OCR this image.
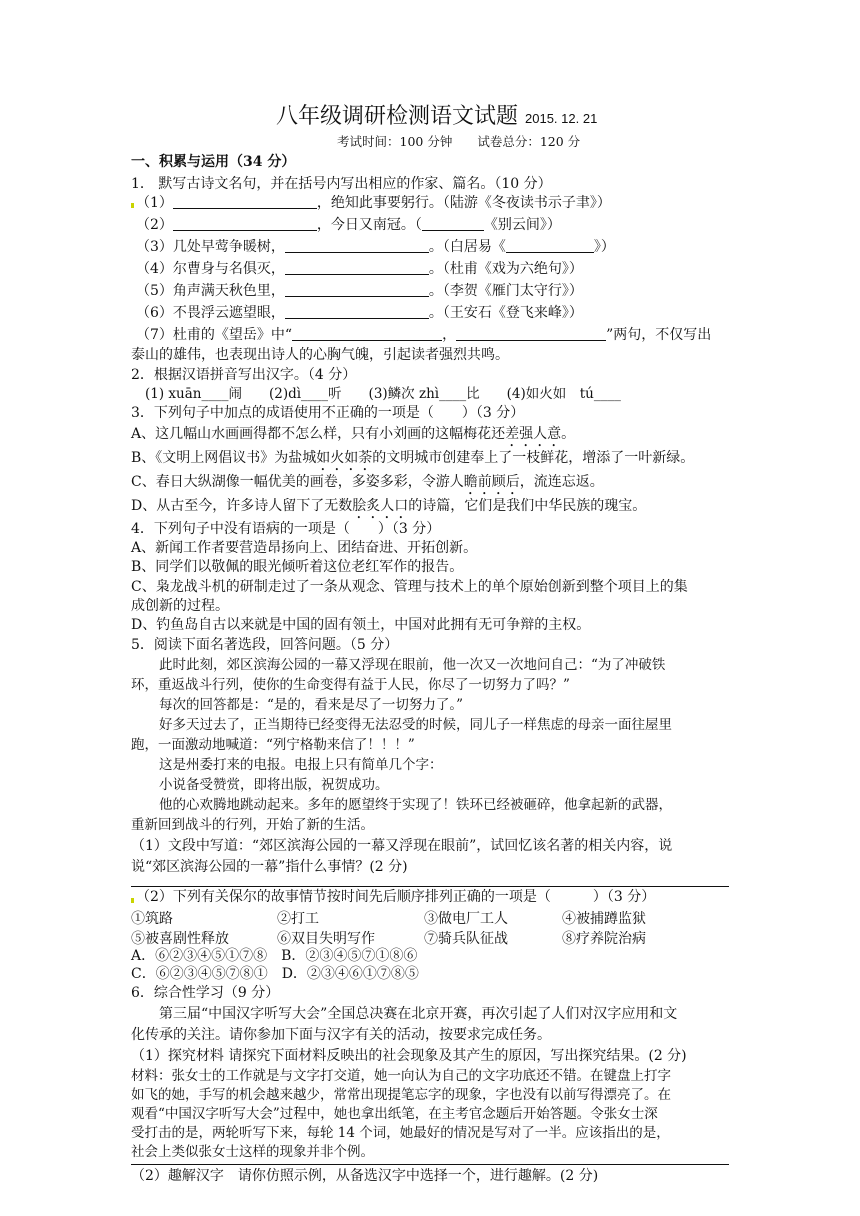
八年级调研检测语文试题 2015. 12. 21
考试时间：100 分钟　　试卷总分：120 分
一、积累与运用（34 分）
1． 默写古诗文名句，并在括号内写出相应的作家、篇名。（10 分）
（1）	，绝知此事要躬行。（陆游《冬夜读书示子聿》）
（2）	，今日又南冠。（	《别云间》）
（3）几处早莺争暖树，	。（白居易《	》）
（4）尔曹身与名俱灭，	。（杜甫《戏为六绝句》）
（5）角声满天秋色里，	。（李贺《雁门太守行》）
（6）不畏浮云遮望眼，	。（王安石《登飞来峰》）
（7）杜甫的《望岳》中“	，	”两句，不仅写出
泰山的雄伟，也表现出诗人的心胸气魄，引起读者强烈共鸣。
2．根据汉语拼音写出汉字。（4 分）
(1) xuān____闹　　(2)dì____听　　(3)鳞次 zhì____比　　(4)如火如　tú____
3．下列句子中加点的成语使用不正确的一项是（　　）（3 分）
A、这几幅山水画画得都不怎么样，只有小刘画的这幅梅花还差强人意。
B、《文明上网倡议书》为盐城如火如荼的文明城市创建奉上了一枝鲜花，增添了一叶新绿。
C、春日大纵湖像一幅优美的画卷，多姿多彩，令游人瞻前顾后，流连忘返。
D、从古至今，许多诗人留下了无数脍炙人口的诗篇，它们是我们中华民族的瑰宝。
4．下列句子中没有语病的一项是（　　）（3 分）
A、新闻工作者要营造昂扬向上、团结奋进、开拓创新。
B、同学们以敬佩的眼光倾听着这位老红军作的报告。
C、枭龙战斗机的研制走过了一条从观念、管理与技术上的单个原始创新到整个项目上的集
成创新的过程。
D、钓鱼岛自古以来就是中国的固有领土，中国对此拥有无可争辩的主权。
5．阅读下面名著选段，回答问题。（5 分）
此时此刻，郊区滨海公园的一幕又浮现在眼前，他一次又一次地问自己：“为了冲破铁
环，重返战斗行列，使你的生命变得有益于人民，你尽了一切努力了吗？”
每次的回答都是：“是的，看来是尽了一切努力了。”
好多天过去了，正当期待已经变得无法忍受的时候，同儿子一样焦虑的母亲一面往屋里
跑，一面激动地喊道：“列宁格勒来信了！！！”
这是州委打来的电报。电报上只有简单几个字：
小说备受赞赏，即将出版，祝贺成功。
他的心欢腾地跳动起来。多年的愿望终于实现了！铁环已经被砸碎，他拿起新的武器，
重新回到战斗的行列，开始了新的生活。
（1）文段中写道：“郊区滨海公园的一幕又浮现在眼前”，试回忆该名著的相关内容，说
说“郊区滨海公园的一幕”指什么事情？(2 分)
（2）下列有关保尔的故事情节按时间先后顺序排列正确的一项是（　　　）（3 分）
①筑路	②打工	③做电厂工人	④被捕蹲监狱
⑤被喜剧性释放	⑥双目失明写作	⑦骑兵队征战	⑧疗养院治病
A．⑥②③④⑤①⑦⑧　B．②③④⑤⑦①⑧⑥
C．⑥②③④⑤⑦⑧①　D．②③④⑥①⑦⑧⑤
6．综合性学习（9 分）
第三届“中国汉字听写大会”全国总决赛在北京开赛，再次引起了人们对汉字应用和文
化传承的关注。请你参加下面与汉字有关的活动，按要求完成任务。
（1）探究材料 请探究下面材料反映出的社会现象及其产生的原因，写出探究结果。(2 分)
材料：张女士的工作就是与文字打交道，她一向认为自己的文字功底还不错。在键盘上打字
如飞的她，手写的机会越来越少，常常出现提笔忘字的现象，字也没有以前写得漂亮了。在
观看“中国汉字听写大会”过程中，她也拿出纸笔，在主考官念题后开始答题。令张女士深
受打击的是，两轮听写下来，每轮 14 个词，她最好的情况是写对了一半。应该指出的是，
社会上类似张女士这样的现象并非个例。
（2）趣解汉字　请你仿照示例，从备选汉字中选择一个，进行趣解。(2 分)
